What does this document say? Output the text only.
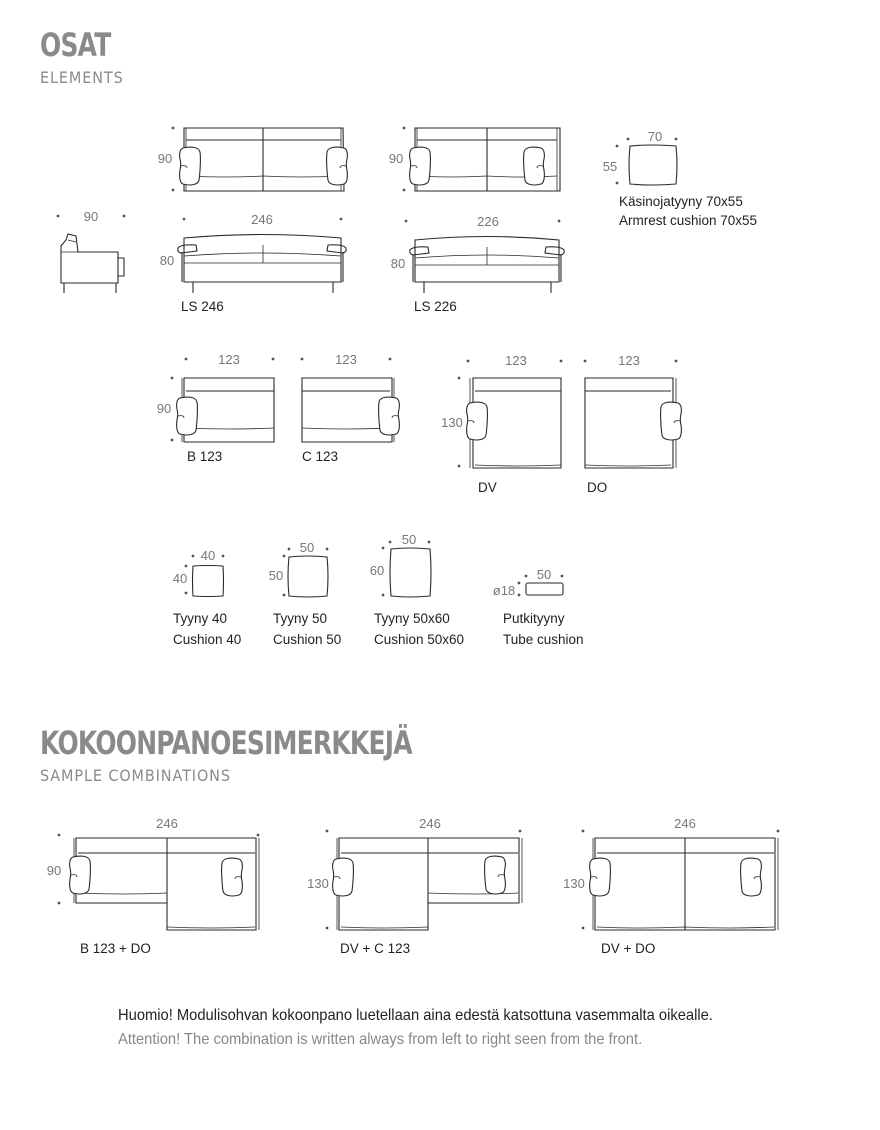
OSAT

ELEMENTS

KOKOONPANOESIMERKKEJÄ

SAMPLE COMBINATIONS

90
90
246
80
LS 246
90
226
80
LS 226
70
55
Käsinojatyyny 70x55
Armrest cushion 70x55
123
90
B 123
123
C 123
123
130
DV
123
DO
40
40
Tyyny 40
Cushion 40
50
50
Tyyny 50
Cushion 50
50
60
Tyyny 50x60
Cushion 50x60
50
ø18
Putkityyny
Tube cushion
246
90
B 123 + DO
246
130
DV + C 123
246
130
DV + DO

Huomio! Modulisohvan kokoonpano luetellaan aina edestä katsottuna vasemmalta oikealle.

Attention! The combination is written always from left to right seen from the front.
